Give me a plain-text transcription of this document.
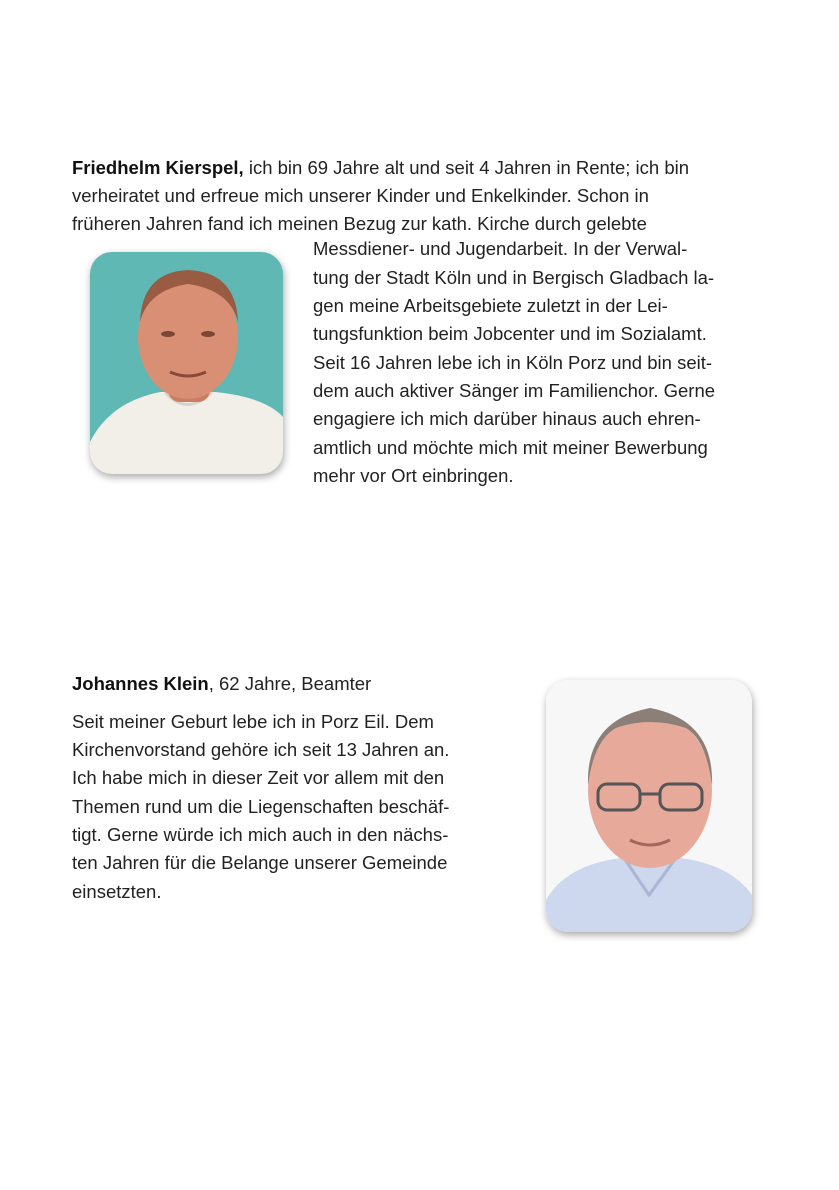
Friedhelm Kierspel, ich bin 69 Jahre alt und seit 4 Jahren in Rente; ich bin
verheiratet und erfreue mich unserer Kinder und Enkelkinder. Schon in
früheren Jahren fand ich meinen Bezug zur kath. Kirche durch gelebte
Messdiener- und Jugendarbeit. In der Verwal-
tung der Stadt Köln und in Bergisch Gladbach la-
gen meine Arbeitsgebiete zuletzt in der Lei-
tungsfunktion beim Jobcenter und im Sozialamt.
Seit 16 Jahren lebe ich in Köln Porz und bin seit-
dem auch aktiver Sänger im Familienchor. Gerne
engagiere ich mich darüber hinaus auch ehren-
amtlich und möchte mich mit meiner Bewerbung
mehr vor Ort einbringen.
Johannes Klein, 62 Jahre, Beamter
Seit meiner Geburt lebe ich in Porz Eil. Dem
Kirchenvorstand gehöre ich seit 13 Jahren an.
Ich habe mich in dieser Zeit vor allem mit den
Themen rund um die Liegenschaften beschäf-
tigt. Gerne würde ich mich auch in den nächs-
ten Jahren für die Belange unserer Gemeinde
einsetzten.
